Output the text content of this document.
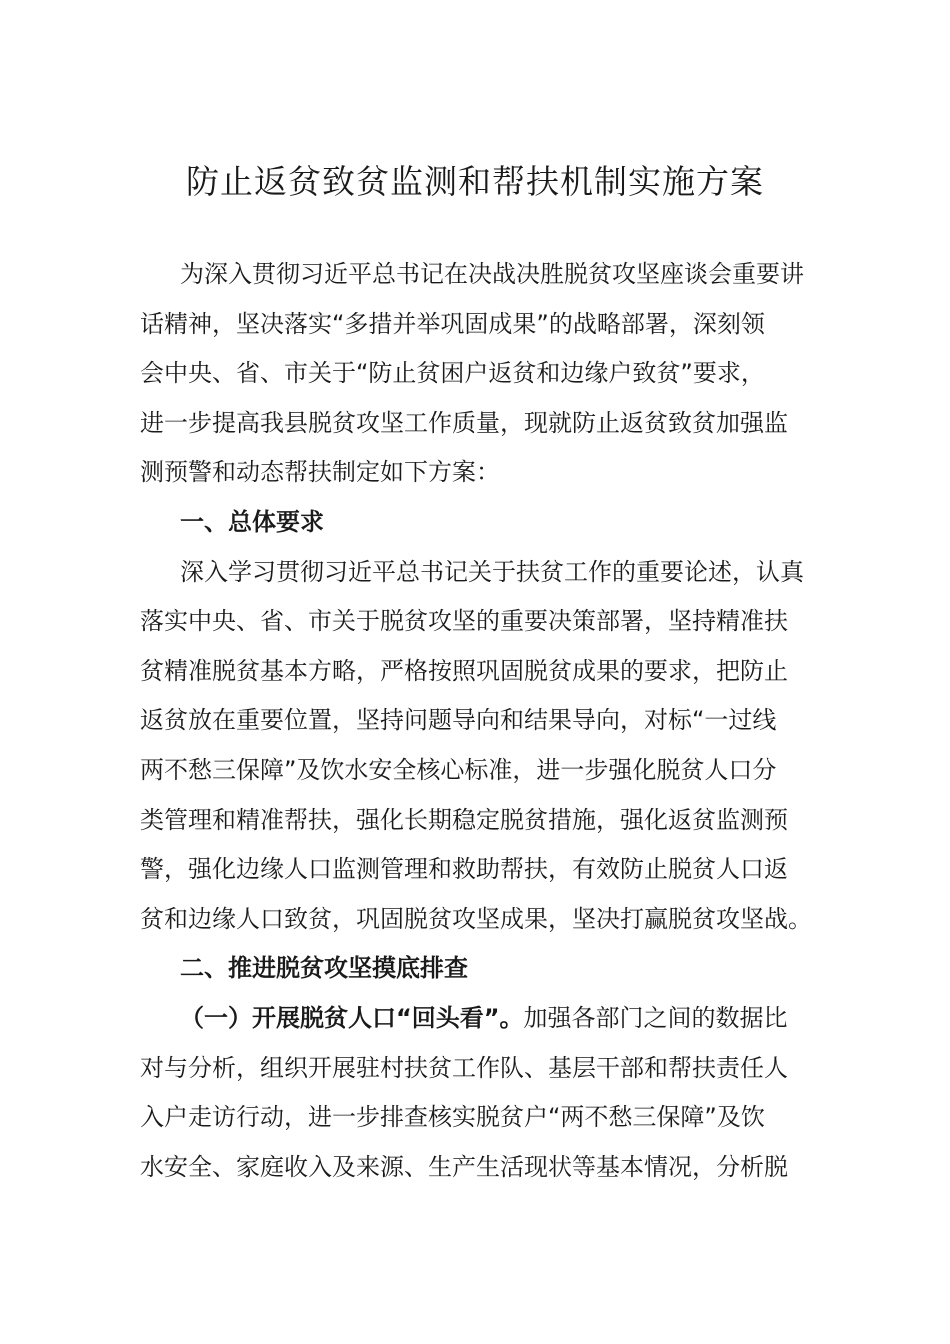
防止返贫致贫监测和帮扶机制实施方案
为深入贯彻习近平总书记在决战决胜脱贫攻坚座谈会重要讲
话精神，坚决落实“多措并举巩固成果”的战略部署，深刻领
会中央、省、市关于“防止贫困户返贫和边缘户致贫”要求，
进一步提高我县脱贫攻坚工作质量，现就防止返贫致贫加强监
测预警和动态帮扶制定如下方案：
一、总体要求
深入学习贯彻习近平总书记关于扶贫工作的重要论述，认真
落实中央、省、市关于脱贫攻坚的重要决策部署，坚持精准扶
贫精准脱贫基本方略，严格按照巩固脱贫成果的要求，把防止
返贫放在重要位置，坚持问题导向和结果导向，对标“一过线
两不愁三保障”及饮水安全核心标准，进一步强化脱贫人口分
类管理和精准帮扶，强化长期稳定脱贫措施，强化返贫监测预
警，强化边缘人口监测管理和救助帮扶，有效防止脱贫人口返
贫和边缘人口致贫，巩固脱贫攻坚成果，坚决打赢脱贫攻坚战。
二、推进脱贫攻坚摸底排查
（一）开展脱贫人口“回头看”。加强各部门之间的数据比
对与分析，组织开展驻村扶贫工作队、基层干部和帮扶责任人
入户走访行动，进一步排查核实脱贫户“两不愁三保障”及饮
水安全、家庭收入及来源、生产生活现状等基本情况，分析脱
